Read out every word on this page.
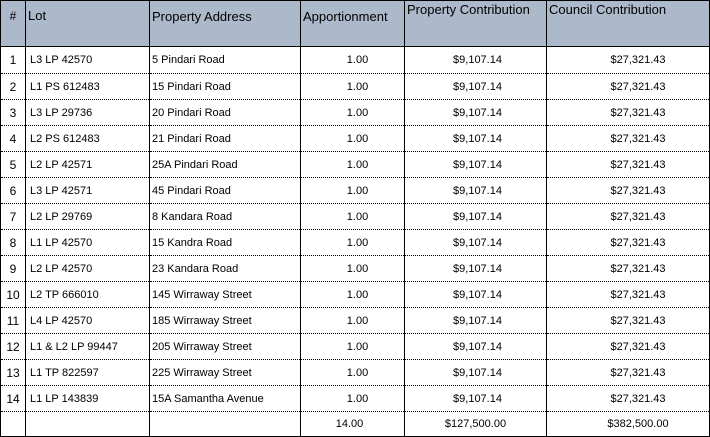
#	Lot	Property Address	Apportionment	Property Contribution	Council Contribution
1	L3 LP 42570	5 Pindari Road	1.00	$9,107.14	$27,321.43
2	L1 PS 612483	15 Pindari Road	1.00	$9,107.14	$27,321.43
3	L3 LP 29736	20 Pindari Road	1.00	$9,107.14	$27,321.43
4	L2 PS 612483	21 Pindari Road	1.00	$9,107.14	$27,321.43
5	L2 LP 42571	25A Pindari Road	1.00	$9,107.14	$27,321.43
6	L3 LP 42571	45 Pindari Road	1.00	$9,107.14	$27,321.43
7	L2 LP 29769	8 Kandara Road	1.00	$9,107.14	$27,321.43
8	L1 LP 42570	15 Kandra Road	1.00	$9,107.14	$27,321.43
9	L2 LP 42570	23 Kandara Road	1.00	$9,107.14	$27,321.43
10	L2 TP 666010	145 Wirraway Street	1.00	$9,107.14	$27,321.43
11	L4 LP 42570	185 Wirraway Street	1.00	$9,107.14	$27,321.43
12	L1 & L2 LP 99447	205 Wirraway Street	1.00	$9,107.14	$27,321.43
13	L1 TP 822597	225 Wirraway Street	1.00	$9,107.14	$27,321.43
14	L1 LP 143839	15A Samantha Avenue	1.00	$9,107.14	$27,321.43
			14.00	$127,500.00	$382,500.00
